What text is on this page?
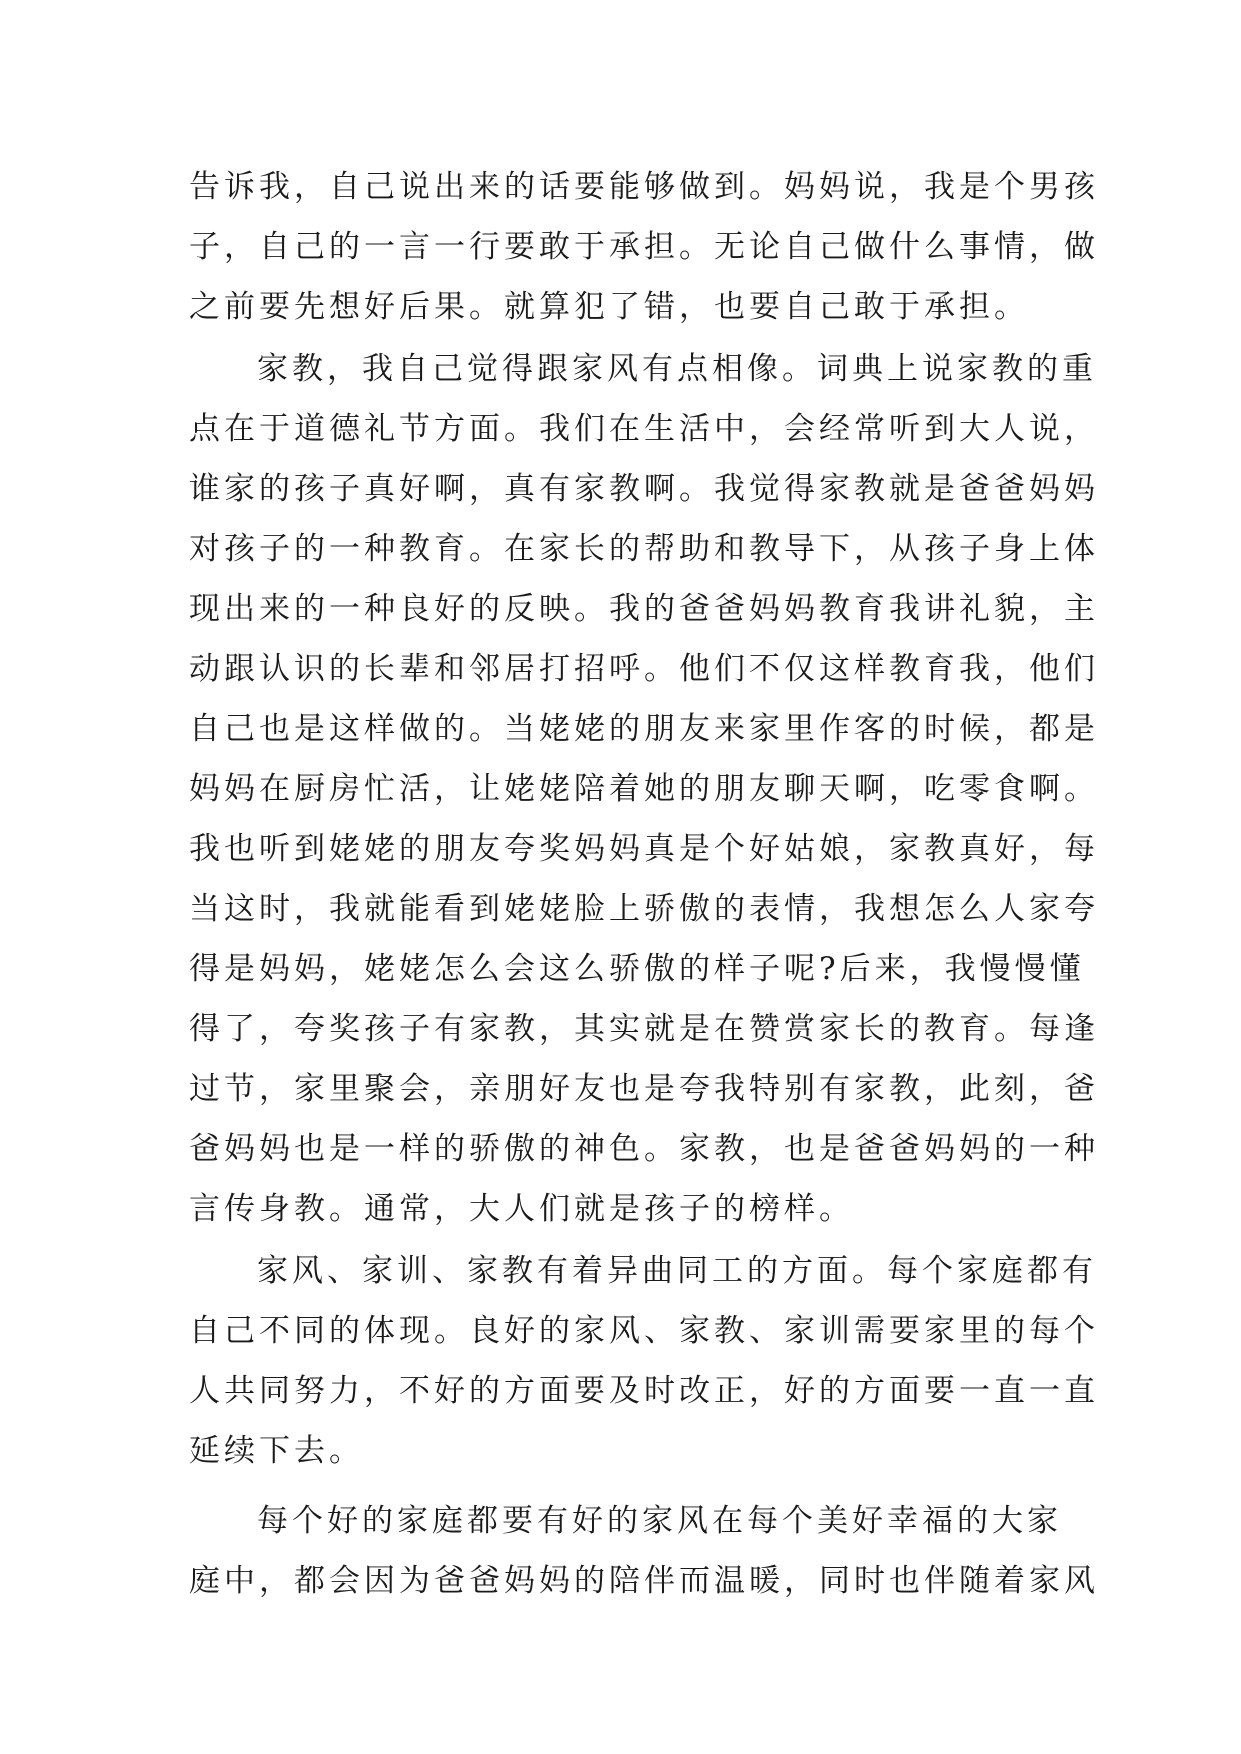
告诉我，自己说出来的话要能够做到。妈妈说，我是个男孩
子，自己的一言一行要敢于承担。无论自己做什么事情，做
之前要先想好后果。就算犯了错，也要自己敢于承担。
家教，我自己觉得跟家风有点相像。词典上说家教的重
点在于道德礼节方面。我们在生活中，会经常听到大人说，
谁家的孩子真好啊，真有家教啊。我觉得家教就是爸爸妈妈
对孩子的一种教育。在家长的帮助和教导下，从孩子身上体
现出来的一种良好的反映。我的爸爸妈妈教育我讲礼貌，主
动跟认识的长辈和邻居打招呼。他们不仅这样教育我，他们
自己也是这样做的。当姥姥的朋友来家里作客的时候，都是
妈妈在厨房忙活，让姥姥陪着她的朋友聊天啊，吃零食啊。
我也听到姥姥的朋友夸奖妈妈真是个好姑娘，家教真好，每
当这时，我就能看到姥姥脸上骄傲的表情，我想怎么人家夸
得是妈妈，姥姥怎么会这么骄傲的样子呢?后来，我慢慢懂
得了，夸奖孩子有家教，其实就是在赞赏家长的教育。每逢
过节，家里聚会，亲朋好友也是夸我特别有家教，此刻，爸
爸妈妈也是一样的骄傲的神色。家教，也是爸爸妈妈的一种
言传身教。通常，大人们就是孩子的榜样。
家风、家训、家教有着异曲同工的方面。每个家庭都有
自己不同的体现。良好的家风、家教、家训需要家里的每个
人共同努力，不好的方面要及时改正，好的方面要一直一直
延续下去。
每个好的家庭都要有好的家风在每个美好幸福的大家
庭中，都会因为爸爸妈妈的陪伴而温暖，同时也伴随着家风
